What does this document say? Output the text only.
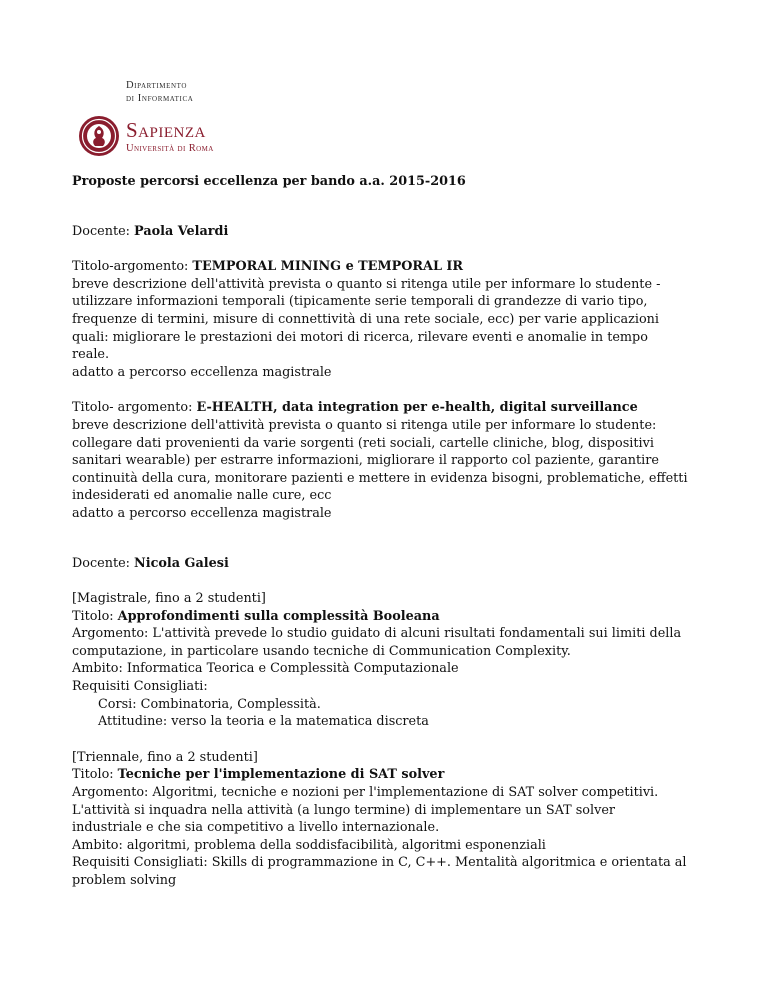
Dipartimento
di Informatica
Sapienza
Università di Roma

Proposte percorsi eccellenza per bando a.a. 2015-2016

Docente: Paola Velardi

Titolo-argomento: TEMPORAL MINING e TEMPORAL IR

breve descrizione dell'attività prevista o quanto si ritenga utile per informare lo studente -

utilizzare informazioni temporali (tipicamente serie temporali di grandezze di vario tipo,

frequenze di termini, misure di connettività di una rete sociale, ecc) per varie applicazioni

quali: migliorare le prestazioni dei motori di ricerca, rilevare eventi e anomalie in tempo

reale.

adatto a percorso eccellenza magistrale

Titolo- argomento: E-HEALTH, data integration per e-health, digital surveillance

breve descrizione dell'attività prevista o quanto si ritenga utile per informare lo studente:

collegare dati provenienti da varie sorgenti (reti sociali, cartelle cliniche, blog, dispositivi

sanitari wearable) per estrarre informazioni, migliorare il rapporto col paziente, garantire

continuità della cura, monitorare pazienti e mettere in evidenza bisogni, problematiche, effetti

indesiderati ed anomalie nalle cure, ecc

adatto a percorso eccellenza magistrale

Docente: Nicola Galesi

[Magistrale, fino a 2 studenti]

Titolo: Approfondimenti sulla complessità Booleana

Argomento: L'attività prevede lo studio guidato di alcuni risultati fondamentali sui limiti della

computazione, in particolare usando tecniche di Communication Complexity.

Ambito: Informatica Teorica e Complessità Computazionale

Requisiti Consigliati:

Corsi: Combinatoria, Complessità.

Attitudine: verso la teoria e la matematica discreta

[Triennale, fino a 2 studenti]

Titolo: Tecniche per l'implementazione di SAT solver

Argomento: Algoritmi, tecniche e nozioni per l'implementazione di SAT solver competitivi.

L'attività si inquadra nella attività (a lungo termine) di implementare un SAT solver

industriale e che sia competitivo a livello internazionale.

Ambito: algoritmi, problema della soddisfacibilità, algoritmi esponenziali

Requisiti Consigliati: Skills di programmazione in C, C++. Mentalità algoritmica e orientata al

problem solving
